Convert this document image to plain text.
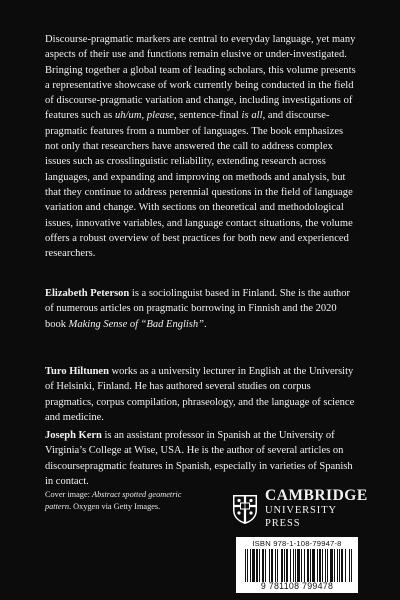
Discourse-pragmatic markers are central to everyday language, yet many aspects of their use and functions remain elusive or under-investigated. Bringing together a global team of leading scholars, this volume presents a representative showcase of work currently being conducted in the field of discourse-pragmatic variation and change, including investigations of features such as uh/um, please, sentence-final is all, and discourse-pragmatic features from a number of languages. The book emphasizes not only that researchers have answered the call to address complex issues such as crosslinguistic reliability, extending research across languages, and expanding and improving on methods and analysis, but that they continue to address perennial questions in the field of language variation and change. With sections on theoretical and methodological issues, innovative variables, and language contact situations, the volume offers a robust overview of best practices for both new and experienced researchers.

Elizabeth Peterson is a sociolinguist based in Finland. She is the author of numerous articles on pragmatic borrowing in Finnish and the 2020 book Making Sense of “Bad English”.

Turo Hiltunen works as a university lecturer in English at the University of Helsinki, Finland. He has authored several studies on corpus pragmatics, corpus compilation, phraseology, and the language of science and medicine.

Joseph Kern is an assistant professor in Spanish at the University of Virginia’s College at Wise, USA. He is the author of several articles on discoursepragmatic features in Spanish, especially in varieties of Spanish in contact.

Cover image: Abstract spotted geometric pattern. Oxygen via Getty Images.

CAMBRIDGE
UNIVERSITY PRESS
ISBN 978-1-108-79947-8
9 781108 799478
